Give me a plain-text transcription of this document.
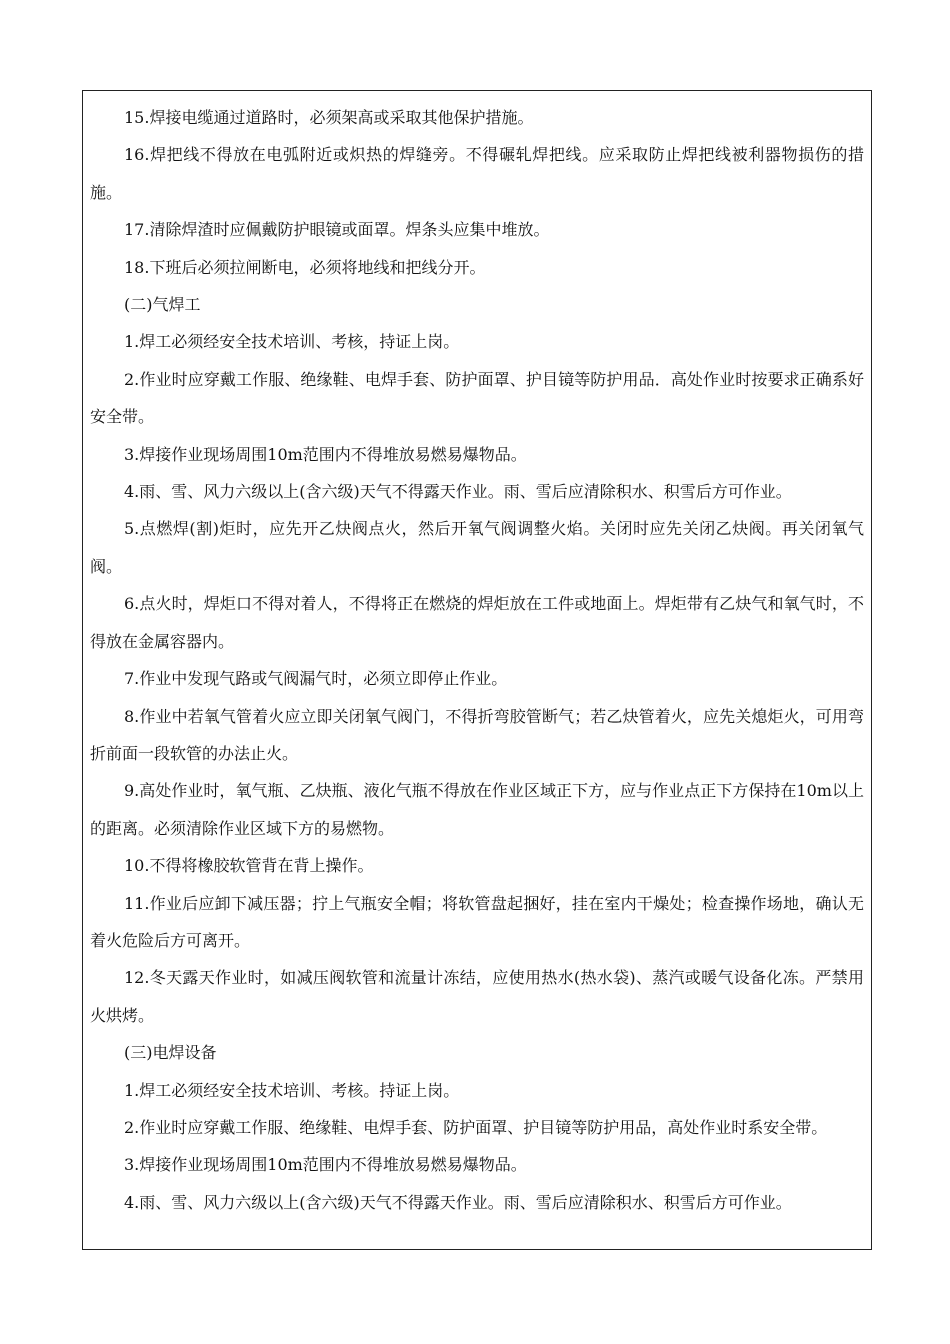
15.焊接电缆通过道路时，必须架高或采取其他保护措施。

16.焊把线不得放在电弧附近或炽热的焊缝旁。不得碾轧焊把线。应采取防止焊把线被利器物损伤的措施。

17.清除焊渣时应佩戴防护眼镜或面罩。焊条头应集中堆放。

18.下班后必须拉闸断电，必须将地线和把线分开。

(二)气焊工

1.焊工必须经安全技术培训、考核，持证上岗。

2.作业时应穿戴工作服、绝缘鞋、电焊手套、防护面罩、护目镜等防护用品．高处作业时按要求正确系好安全带。

3.焊接作业现场周围10m范围内不得堆放易燃易爆物品。

4.雨、雪、风力六级以上(含六级)天气不得露天作业。雨、雪后应清除积水、积雪后方可作业。

5.点燃焊(割)炬时，应先开乙炔阀点火，然后开氧气阀调整火焰。关闭时应先关闭乙炔阀。再关闭氧气阀。

6.点火时，焊炬口不得对着人，不得将正在燃烧的焊炬放在工件或地面上。焊炬带有乙炔气和氧气时，不得放在金属容器内。

7.作业中发现气路或气阀漏气时，必须立即停止作业。

8.作业中若氧气管着火应立即关闭氧气阀门，不得折弯胶管断气；若乙炔管着火，应先关熄炬火，可用弯折前面一段软管的办法止火。

9.高处作业时，氧气瓶、乙炔瓶、液化气瓶不得放在作业区域正下方，应与作业点正下方保持在10m以上的距离。必须清除作业区域下方的易燃物。

10.不得将橡胶软管背在背上操作。

11.作业后应卸下减压器；拧上气瓶安全帽；将软管盘起捆好，挂在室内干燥处；检查操作场地，确认无着火危险后方可离开。

12.冬天露天作业时，如减压阀软管和流量计冻结，应使用热水(热水袋)、蒸汽或暖气设备化冻。严禁用火烘烤。

(三)电焊设备

1.焊工必须经安全技术培训、考核。持证上岗。

2.作业时应穿戴工作服、绝缘鞋、电焊手套、防护面罩、护目镜等防护用品，高处作业时系安全带。

3.焊接作业现场周围10m范围内不得堆放易燃易爆物品。

4.雨、雪、风力六级以上(含六级)天气不得露天作业。雨、雪后应清除积水、积雪后方可作业。
